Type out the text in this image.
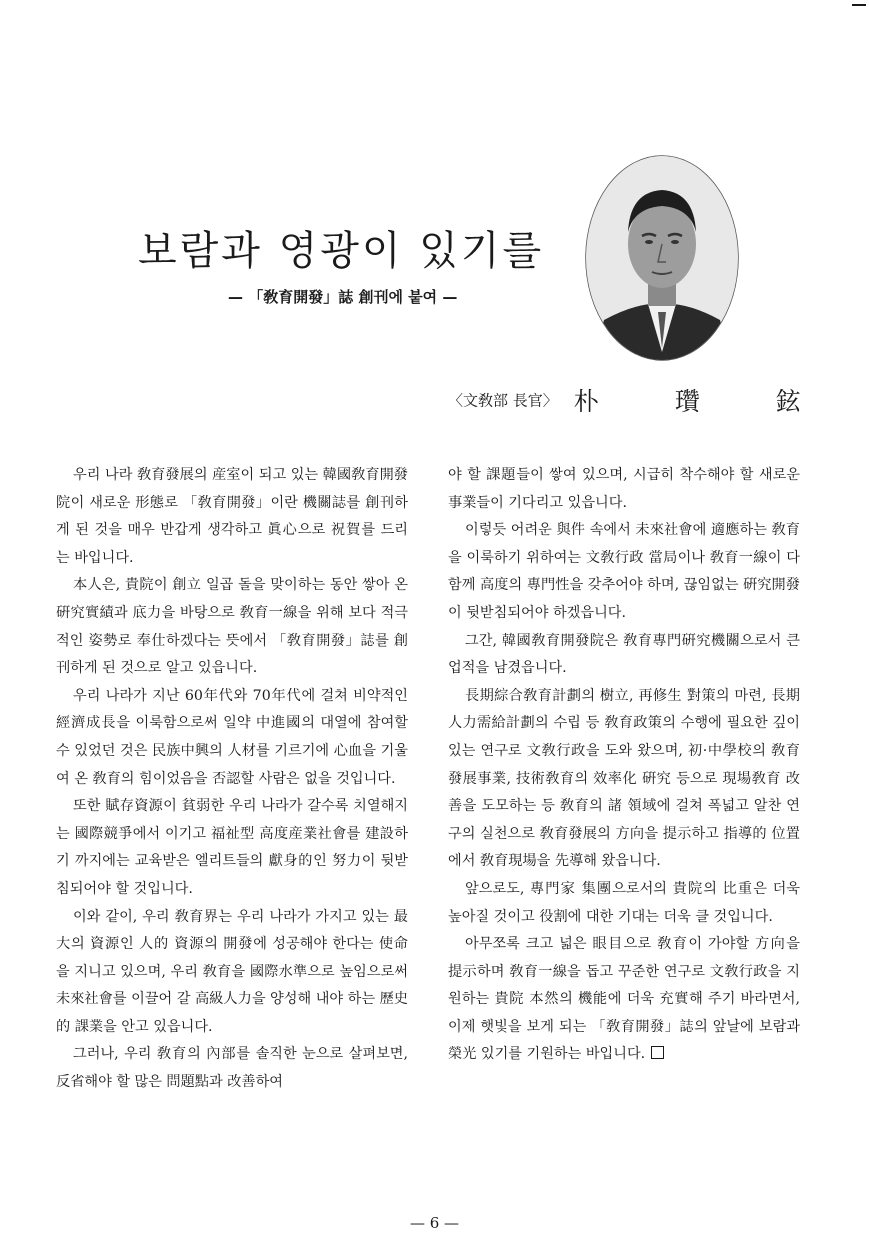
보람과 영광이 있기를
— 「敎育開發」誌 創刊에 붙여 —
〈文敎部 長官〉 朴 瓚 鉉

우리 나라 敎育發展의 産室이 되고 있는 韓國敎育開發院이 새로운 形態로 「敎育開發」이란 機關誌를 創刊하게 된 것을 매우 반갑게 생각하고 眞心으로 祝賀를 드리는 바입니다.

本人은, 貴院이 創立 일곱 돌을 맞이하는 동안 쌓아 온 硏究實績과 底力을 바탕으로 敎育一線을 위해 보다 적극적인 姿勢로 奉仕하겠다는 뜻에서 「敎育開發」誌를 創刊하게 된 것으로 알고 있읍니다.

우리 나라가 지난 60年代와 70年代에 걸쳐 비약적인 經濟成長을 이룩함으로써 일약 中進國의 대열에 참여할 수 있었던 것은 民族中興의 人材를 기르기에 心血을 기울여 온 敎育의 힘이었음을 否認할 사람은 없을 것입니다.

또한 賦存資源이 貧弱한 우리 나라가 갈수록 치열해지는 國際競爭에서 이기고 福祉型 高度産業社會를 建設하기 까지에는 교육받은 엘리트들의 獻身的인 努力이 뒷받침되어야 할 것입니다.

이와 같이, 우리 敎育界는 우리 나라가 가지고 있는 最大의 資源인 人的 資源의 開發에 성공해야 한다는 使命을 지니고 있으며, 우리 敎育을 國際水準으로 높임으로써 未來社會를 이끌어 갈 高級人力을 양성해 내야 하는 歷史的 課業을 안고 있읍니다.

그러나, 우리 敎育의 內部를 솔직한 눈으로 살펴보면, 反省해야 할 많은 問題點과 改善하여

야 할 課題들이 쌓여 있으며, 시급히 착수해야 할 새로운 事業들이 기다리고 있읍니다.

이렇듯 어려운 與件 속에서 未來社會에 適應하는 敎育을 이룩하기 위하여는 文敎行政 當局이나 敎育一線이 다 함께 高度의 專門性을 갖추어야 하며, 끊임없는 硏究開發이 뒷받침되어야 하겠읍니다.

그간, 韓國敎育開發院은 敎育專門硏究機關으로서 큰 업적을 남겼읍니다.

長期綜合敎育計劃의 樹立, 再修生 對策의 마련, 長期人力需給計劃의 수립 등 敎育政策의 수행에 필요한 깊이 있는 연구로 文敎行政을 도와 왔으며, 初·中學校의 敎育發展事業, 技術敎育의 效率化 硏究 등으로 現場敎育 改善을 도모하는 등 敎育의 諸 領域에 걸쳐 폭넓고 알찬 연구의 실천으로 敎育發展의 方向을 提示하고 指導的 位置에서 敎育現場을 先導해 왔읍니다.

앞으로도, 專門家 集團으로서의 貴院의 比重은 더욱 높아질 것이고 役割에 대한 기대는 더욱 클 것입니다.

아무쪼록 크고 넓은 眼目으로 敎育이 가야할 方向을 提示하며 敎育一線을 돕고 꾸준한 연구로 文敎行政을 지원하는 貴院 本然의 機能에 더욱 充實해 주기 바라면서, 이제 햇빛을 보게 되는 「敎育開發」誌의 앞날에 보람과 榮光 있기를 기원하는 바입니다.

— 6 —
